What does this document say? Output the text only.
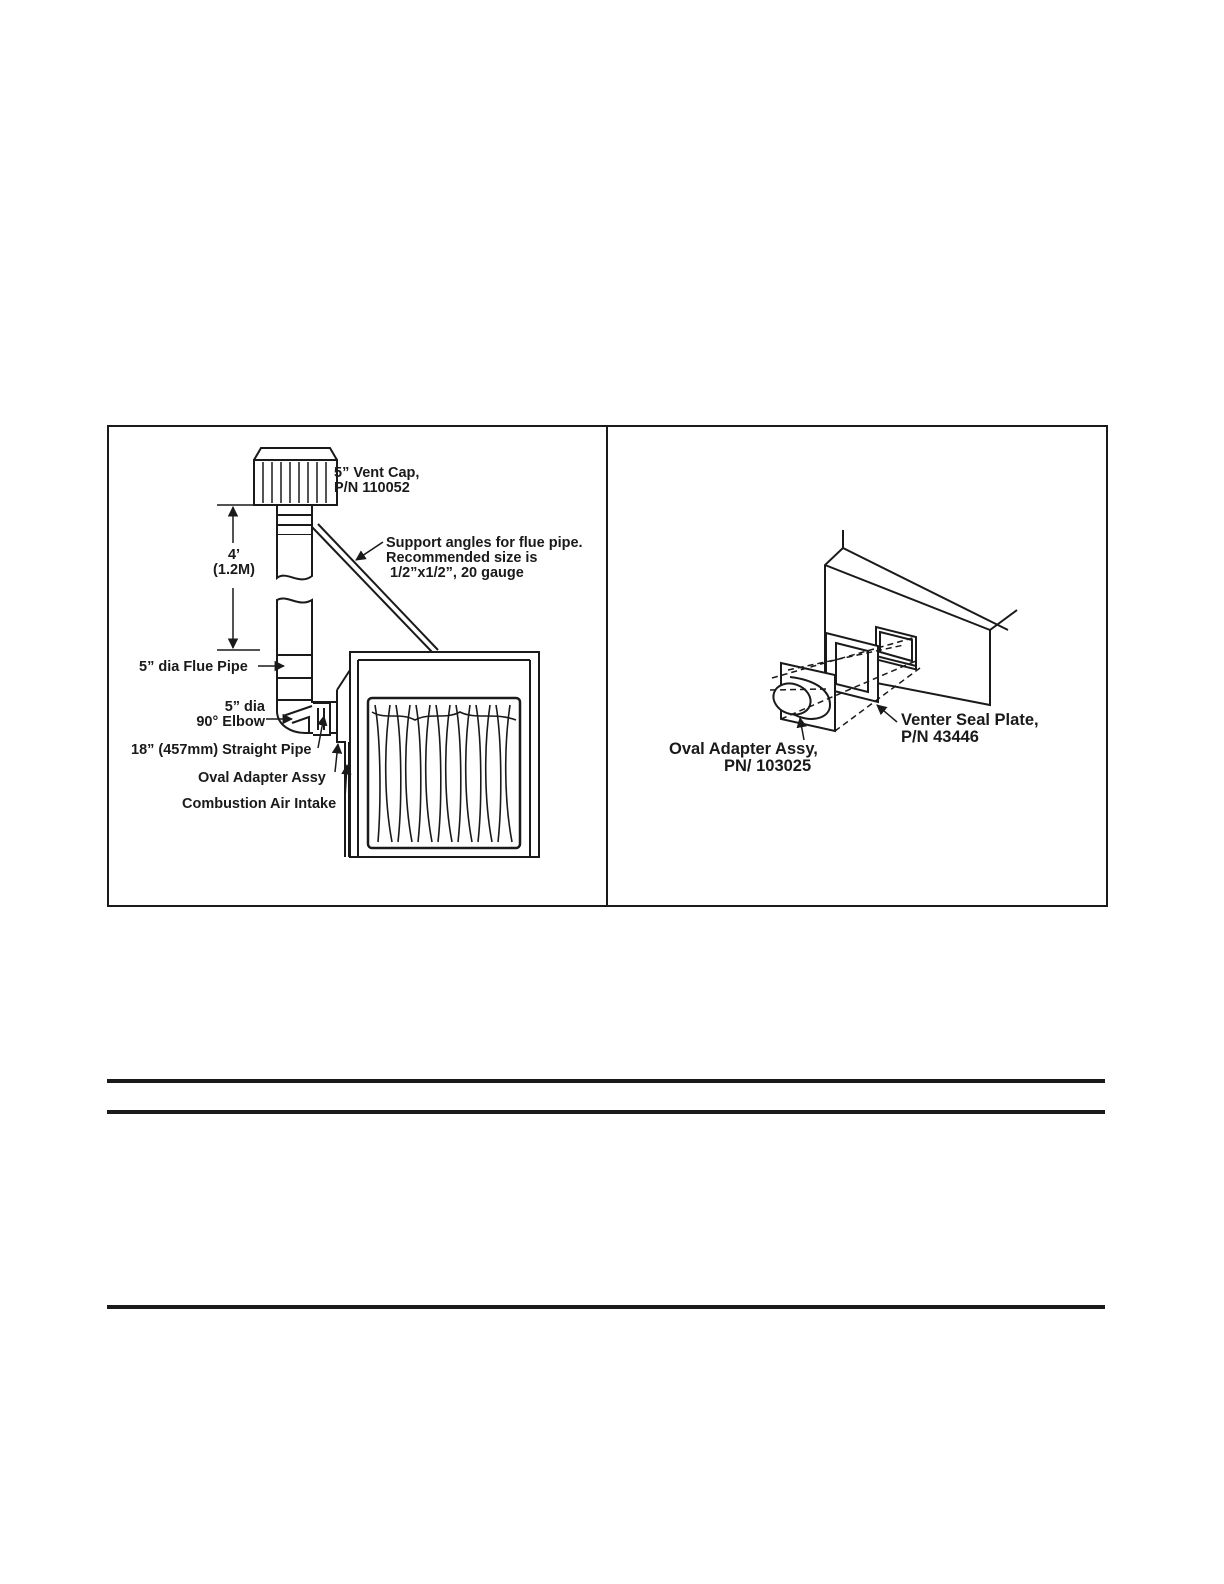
5” Vent Cap,
P/N 110052
4’
(1.2M)
Support angles for flue pipe.
Recommended size is
1/2”x1/2”, 20 gauge
5” dia Flue Pipe
5” dia
90° Elbow
18” (457mm) Straight Pipe
Oval Adapter Assy
Combustion Air Intake
Venter Seal Plate,
P/N 43446
Oval Adapter Assy,
PN/ 103025
